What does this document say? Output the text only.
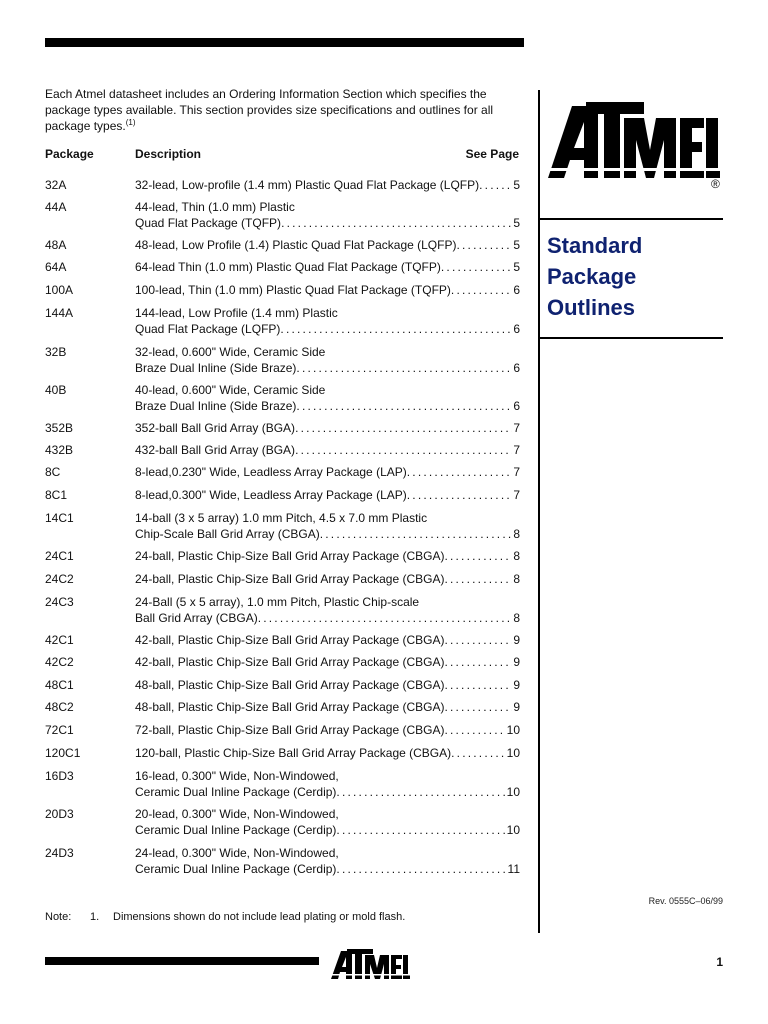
Each Atmel datasheet includes an Ordering Information Section which specifies the package types available. This section provides size specifications and outlines for all package types.$^{(1)}$
Package	Description	See Page
32A	32-lead, Low-profile (1.4 mm) Plastic Quad Flat Package (LQFP) .....	5
44A	44-lead, Thin (1.0 mm) Plastic
Quad Flat Package (TQFP) .....	5
48A	48-lead, Low Profile (1.4) Plastic Quad Flat Package (LQFP) .....	5
64A	64-lead Thin (1.0 mm) Plastic Quad Flat Package (TQFP) .....	5
100A	100-lead, Thin (1.0 mm) Plastic Quad Flat Package (TQFP) .....	6
144A	144-lead, Low Profile (1.4 mm) Plastic
Quad Flat Package (LQFP) .....	6
32B	32-lead, 0.600" Wide, Ceramic Side
Braze Dual Inline (Side Braze) .....	6
40B	40-lead, 0.600" Wide, Ceramic Side
Braze Dual Inline (Side Braze) .....	6
352B	352-ball Ball Grid Array (BGA) .....	7
432B	432-ball Ball Grid Array (BGA) .....	7
8C	8-lead,0.230" Wide, Leadless Array Package (LAP) .....	7
8C1	8-lead,0.300" Wide, Leadless Array Package (LAP) .....	7
14C1	14-ball (3 x 5 array) 1.0 mm Pitch, 4.5 x 7.0 mm Plastic
Chip-Scale Ball Grid Array (CBGA) .....	8
24C1	24-ball, Plastic Chip-Size Ball Grid Array Package (CBGA) .....	8
24C2	24-ball, Plastic Chip-Size Ball Grid Array Package (CBGA) .....	8
24C3	24-Ball (5 x 5 array), 1.0 mm Pitch, Plastic Chip-scale
Ball Grid Array (CBGA) .....	8
42C1	42-ball, Plastic Chip-Size Ball Grid Array Package (CBGA) .....	9
42C2	42-ball, Plastic Chip-Size Ball Grid Array Package (CBGA) .....	9
48C1	48-ball, Plastic Chip-Size Ball Grid Array Package (CBGA) .....	9
48C2	48-ball, Plastic Chip-Size Ball Grid Array Package (CBGA) .....	9
72C1	72-ball, Plastic Chip-Size Ball Grid Array Package (CBGA) .....	10
120C1	120-ball, Plastic Chip-Size Ball Grid Array Package (CBGA) .....	10
16D3	16-lead, 0.300" Wide, Non-Windowed,
Ceramic Dual Inline Package (Cerdip) .....	10
20D3	20-lead, 0.300" Wide, Non-Windowed,
Ceramic Dual Inline Package (Cerdip) .....	10
24D3	24-lead, 0.300" Wide, Non-Windowed,
Ceramic Dual Inline Package (Cerdip) .....	11
®
Standard
Package
Outlines
Rev. 0555C–06/99
Note: 1. Dimensions shown do not include lead plating or mold flash.
1
